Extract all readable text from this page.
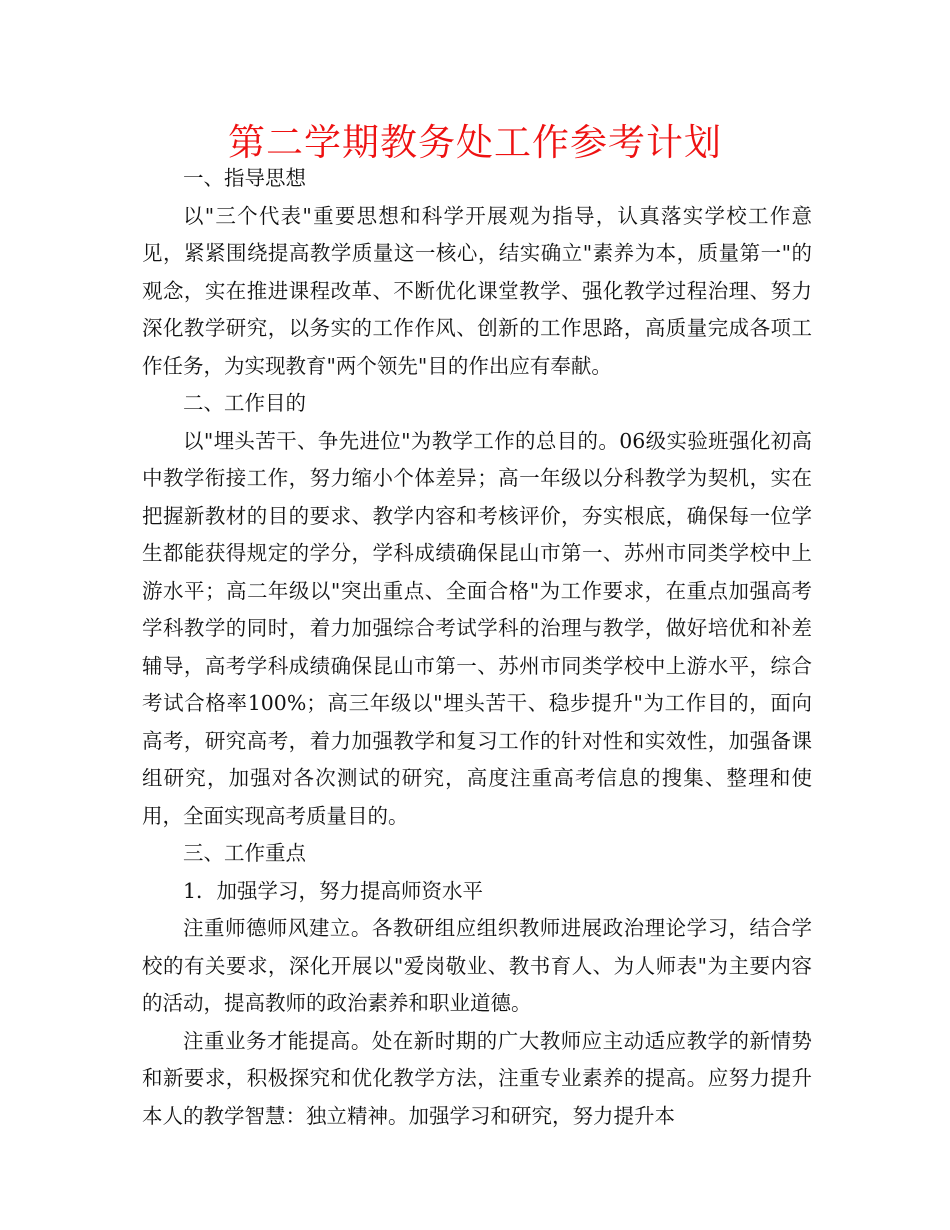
第二学期教务处工作参考计划

一、指导思想

以"三个代表"重要思想和科学开展观为指导，认真落实学校工作意见，紧紧围绕提高教学质量这一核心，结实确立"素养为本，质量第一"的观念，实在推进课程改革、不断优化课堂教学、强化教学过程治理、努力深化教学研究，以务实的工作作风、创新的工作思路，高质量完成各项工作任务，为实现教育"两个领先"目的作出应有奉献。

二、工作目的

以"埋头苦干、争先进位"为教学工作的总目的。06级实验班强化初高中教学衔接工作，努力缩小个体差异；高一年级以分科教学为契机，实在把握新教材的目的要求、教学内容和考核评价，夯实根底，确保每一位学生都能获得规定的学分，学科成绩确保昆山市第一、苏州市同类学校中上游水平；高二年级以"突出重点、全面合格"为工作要求，在重点加强高考学科教学的同时，着力加强综合考试学科的治理与教学，做好培优和补差辅导，高考学科成绩确保昆山市第一、苏州市同类学校中上游水平，综合考试合格率100%；高三年级以"埋头苦干、稳步提升"为工作目的，面向高考，研究高考，着力加强教学和复习工作的针对性和实效性，加强备课组研究，加强对各次测试的研究，高度注重高考信息的搜集、整理和使用，全面实现高考质量目的。

三、工作重点

1．加强学习，努力提高师资水平

注重师德师风建立。各教研组应组织教师进展政治理论学习，结合学校的有关要求，深化开展以"爱岗敬业、教书育人、为人师表"为主要内容的活动，提高教师的政治素养和职业道德。

注重业务才能提高。处在新时期的广大教师应主动适应教学的新情势和新要求，积极探究和优化教学方法，注重专业素养的提高。应努力提升本人的教学智慧：独立精神。加强学习和研究，努力提升本
